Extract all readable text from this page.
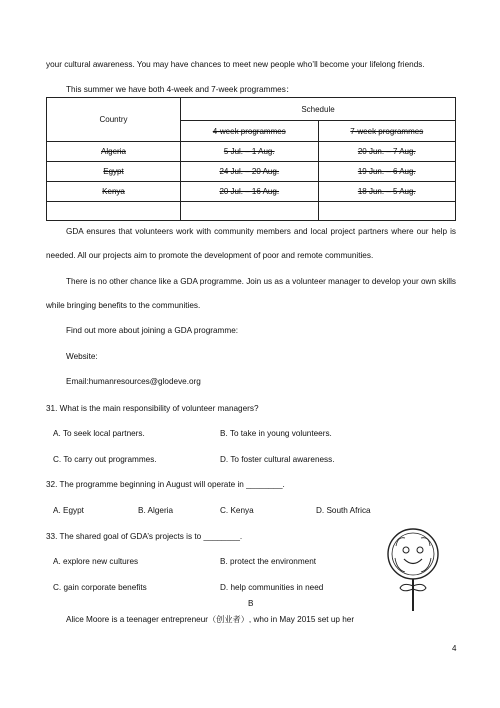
your cultural awareness. You may have chances to meet new people who’ll become your lifelong friends.
This summer we have both 4-week and 7-week programmes：
Country	Schedule	
	4-week programmes	7-week programmes
Algeria	5 Jul. – 1 Aug.	20 Jun. – 7 Aug.
Egypt	24 Jul. – 20 Aug.	19 Jun. – 6 Aug.
Kenya	20 Jul. – 16 Aug.	18 Jun. – 5 Aug.

GDA ensures that volunteers work with community members and local project partners where our help is
needed. All our projects aim to promote the development of poor and remote communities.
There is no other chance like a GDA programme. Join us as a volunteer manager to develop your own skills
while bringing benefits to the communities.
Find out more about joining a GDA programme:
Website:
Email:humanresources@glodeve.org
31. What is the main responsibility of volunteer managers?
A. To seek local partners.	B. To take in young volunteers.
C. To carry out programmes.	D. To foster cultural awareness.
32. The programme beginning in August will operate in ________.
A. Egypt	B. Algeria	C. Kenya	D. South Africa
33. The shared goal of GDA’s projects is to ________.
A. explore new cultures	B. protect the environment
C. gain corporate benefits	D. help communities in need
B
Alice Moore is a teenager entrepreneur（创业者）, who in May 2015 set up her
4
